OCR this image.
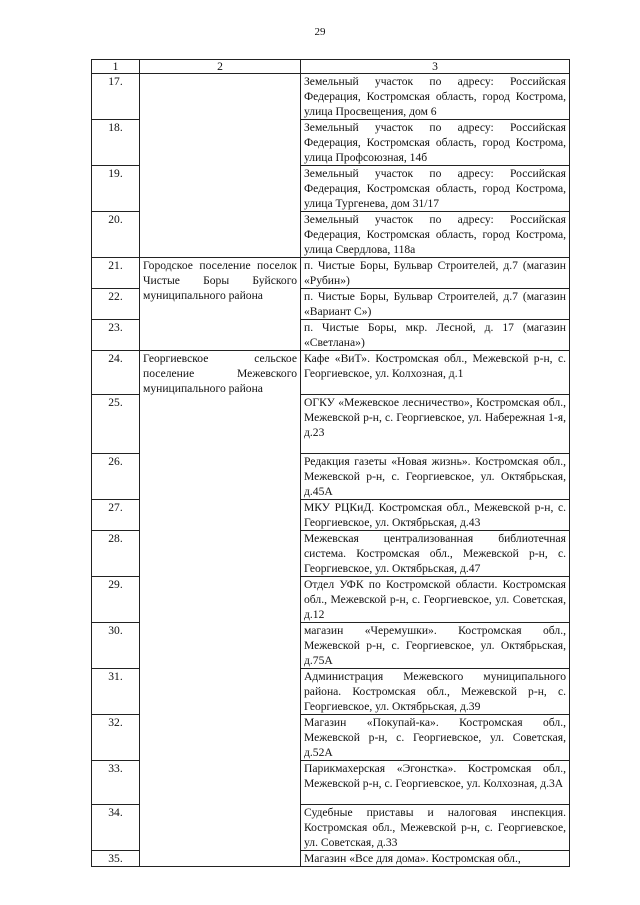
29
1	2	3
17.		Земельный участок по адресу: Российская Федерация, Костромская область, город Кострома, улица Просвещения, дом 6
18.		Земельный участок по адресу: Российская Федерация, Костромская область, город Кострома, улица Профсоюзная, 14б
19.		Земельный участок по адресу: Российская Федерация, Костромская область, город Кострома, улица Тургенева, дом 31/17
20.		Земельный участок по адресу: Российская Федерация, Костромская область, город Кострома, улица Свердлова, 118а
21.	Городское поселение поселок Чистые Боры Буйского муниципального района	п. Чистые Боры, Бульвар Строителей, д.7 (магазин «Рубин»)
22.		п. Чистые Боры, Бульвар Строителей, д.7 (магазин «Вариант С»)
23.		п. Чистые Боры, мкр. Лесной, д. 17 (магазин «Светлана»)
24.	Георгиевское сельское поселение Межевского муниципального района	Кафе «ВиТ». Костромская обл., Межевской р-н, с. Георгиевское, ул. Колхозная, д.1
25.		ОГКУ «Межевское лесничество», Костромская обл., Межевской р-н, с. Георгиевское, ул. Набережная 1-я, д.23
26.		Редакция газеты «Новая жизнь». Костромская обл., Межевской р-н, с. Георгиевское, ул. Октябрьская, д.45А
27.		МКУ РЦКиД. Костромская обл., Межевской р-н, с. Георгиевское, ул. Октябрьская, д.43
28.		Межевская централизованная библиотечная система. Костромская обл., Межевской р-н, с. Георгиевское, ул. Октябрьская, д.47
29.		Отдел УФК по Костромской области. Костромская обл., Межевской р-н, с. Георгиевское, ул. Советская, д.12
30.		магазин «Черемушки». Костромская обл., Межевской р-н, с. Георгиевское, ул. Октябрьская, д.75А
31.		Администрация Межевского муниципального района. Костромская обл., Межевской р-н, с. Георгиевское, ул. Октябрьская, д.39
32.		Магазин «Покупай-ка». Костромская обл., Межевской р-н, с. Георгиевское, ул. Советская, д.52А
33.		Парикмахерская «Эгонстка». Костромская обл., Межевской р-н, с. Георгиевское, ул. Колхозная, д.3А
34.		Судебные приставы и налоговая инспекция. Костромская обл., Межевской р-н, с. Георгиевское, ул. Советская, д.33
35.		Магазин «Все для дома». Костромская обл.,
